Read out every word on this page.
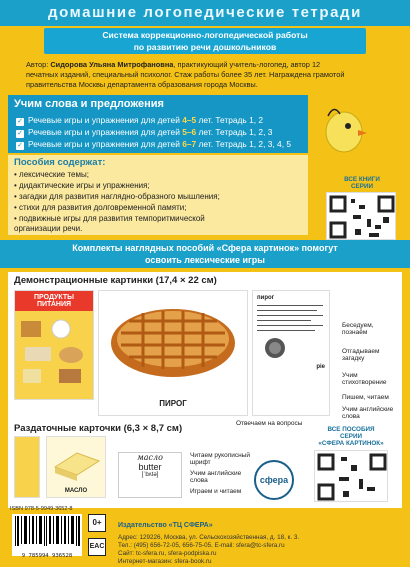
домашние логопедические тетради
Система коррекционно-логопедической работы
по развитию речи дошкольников
Автор: Сидорова Ульяна Митрофановна, практикующий учитель-логопед, автор 12
печатных изданий, специальный психолог. Стаж работы более 35 лет. Награждена грамотой
правительства Москвы департамента образования города Москвы.
Учим слова и предложения
✓ Речевые игры и упражнения для детей 4–5 лет. Тетрадь 1, 2
✓ Речевые игры и упражнения для детей 5–6 лет. Тетрадь 1, 2, 3
✓ Речевые игры и упражнения для детей 6–7 лет. Тетрадь 1, 2, 3, 4, 5
Пособия содержат:
• лексические темы;
• дидактические игры и упражнения;
• загадки для развития наглядно-образного мышления;
• стихи для развития долговременной памяти;
• подвижные игры для развития темпоритмической
организации речи.
ВСЕ КНИГИ
СЕРИИ
Комплекты наглядных пособий «Сфера картинок» помогут
освоить лексические игры
Демонстрационные картинки (17,4 × 22 см)
ПРОДУКТЫ ПИТАНИЯ
ПИРОГ
пирог
pie
Отвечаем на вопросы
Беседуем, познаём
Отгадываем загадку
Учим стихотворение
Пишем, читаем
Учим английские слова
Раздаточные карточки (6,3 × 8,7 см)
МАСЛО
масло
butter
[ˈbʌtə]
Читаем рукописный шрифт
Учим английские слова
Играем и читаем
сфера
ВСЕ ПОСОБИЯ
СЕРИИ
«СФЕРА КАРТИНОК»
ISBN 978-5-9949-3652-8
9 785994 936528
0+
EAC
Издательство «ТЦ СФЕРА»
Адрес: 129226, Москва, ул. Сельскохозяйственная, д. 18, к. 3.
Тел.: (495) 656-72-05, 656-75-05. E-mail: sfera@tc-sfera.ru
Сайт: tc-sfera.ru, sfera-podpiska.ru
Интернет-магазин: sfera-book.ru
